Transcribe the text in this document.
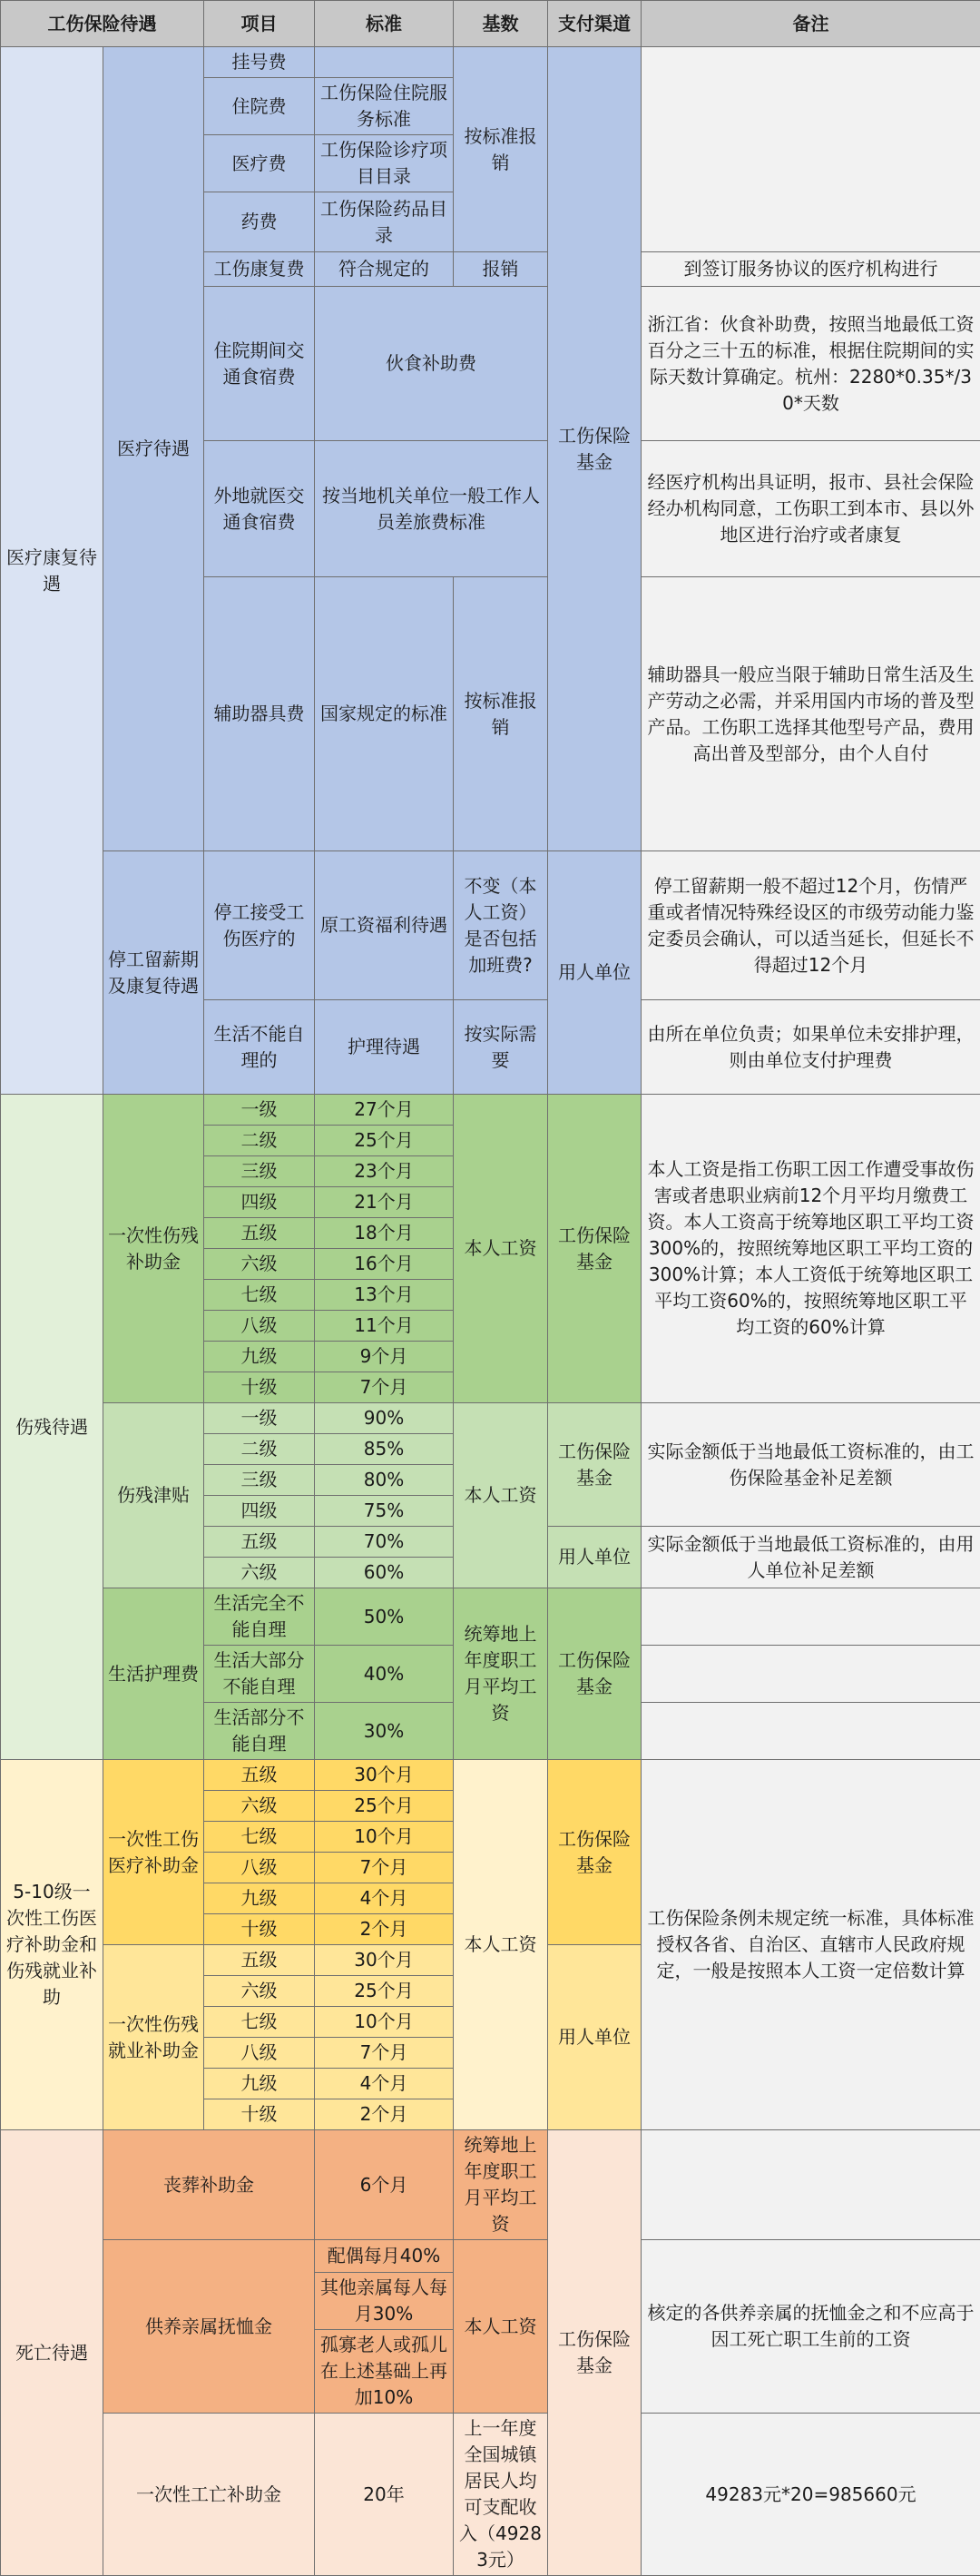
工伤保险待遇		项目	标准	基数	支付渠道	备注
医疗康复待遇	医疗待遇	挂号费		按标准报销	工伤保险基金	
		住院费	工伤保险住院服务标准			
		医疗费	工伤保险诊疗项目目录			
		药费	工伤保险药品目录			
		工伤康复费	符合规定的	报销		到签订服务协议的医疗机构进行
		住院期间交通食宿费	伙食补助费			浙江省：伙食补助费，按照当地最低工资百分之三十五的标准，根据住院期间的实际天数计算确定。杭州：2280*0.35*/30*天数
		外地就医交通食宿费	按当地机关单位一般工作人员差旅费标准			经医疗机构出具证明，报市、县社会保险经办机构同意，工伤职工到本市、县以外地区进行治疗或者康复
		辅助器具费	国家规定的标准	按标准报销		辅助器具一般应当限于辅助日常生活及生产劳动之必需，并采用国内市场的普及型产品。工伤职工选择其他型号产品，费用高出普及型部分，由个人自付
	停工留薪期及康复待遇	停工接受工伤医疗的	原工资福利待遇	不变（本人工资）是否包括加班费?	用人单位	停工留薪期一般不超过12个月，伤情严重或者情况特殊经设区的市级劳动能力鉴定委员会确认，可以适当延长，但延长不得超过12个月
		生活不能自理的	护理待遇	按实际需要		由所在单位负责；如果单位未安排护理，则由单位支付护理费

伤残待遇	一次性伤残补助金	一级	27个月	本人工资	工伤保险基金	本人工资是指工伤职工因工作遭受事故伤害或者患职业病前12个月平均月缴费工资。本人工资高于统筹地区职工平均工资300%的，按照统筹地区职工平均工资的300%计算；本人工资低于统筹地区职工平均工资60%的，按照统筹地区职工平均工资的60%计算
		二级	25个月			
		三级	23个月			
		四级	21个月			
		五级	18个月			
		六级	16个月			
		七级	13个月			
		八级	11个月			
		九级	9个月			
		十级	7个月			
	伤残津贴	一级	90%	本人工资	工伤保险基金	实际金额低于当地最低工资标准的，由工伤保险基金补足差额
		二级	85%			
		三级	80%			
		四级	75%			
		五级	70%		用人单位	实际金额低于当地最低工资标准的，由用人单位补足差额
		六级	60%			
	生活护理费	生活完全不能自理	50%	统筹地上年度职工月平均工资	工伤保险基金	
		生活大部分不能自理	40%			
		生活部分不能自理	30%			
5-10级一次性工伤医疗补助金和伤残就业补助	一次性工伤医疗补助金	五级	30个月	本人工资	工伤保险基金	工伤保险条例未规定统一标准，具体标准授权各省、自治区、直辖市人民政府规定，一般是按照本人工资一定倍数计算
		六级	25个月			
		七级	10个月			
		八级	7个月			
		九级	4个月			
		十级	2个月			
	一次性伤残就业补助金	五级	30个月		用人单位	
		六级	25个月			
		七级	10个月			
		八级	7个月			
		九级	4个月			
		十级	2个月			
死亡待遇	丧葬补助金		6个月	统筹地上年度职工月平均工资	工伤保险基金	
	供养亲属抚恤金		配偶每月40%	本人工资		核定的各供养亲属的抚恤金之和不应高于因工死亡职工生前的工资
			其他亲属每人每月30%			
			孤寡老人或孤儿在上述基础上再加10%			
	一次性工亡补助金		20年	上一年度全国城镇居民人均可支配收入（49283元）		49283元*20=985660元
